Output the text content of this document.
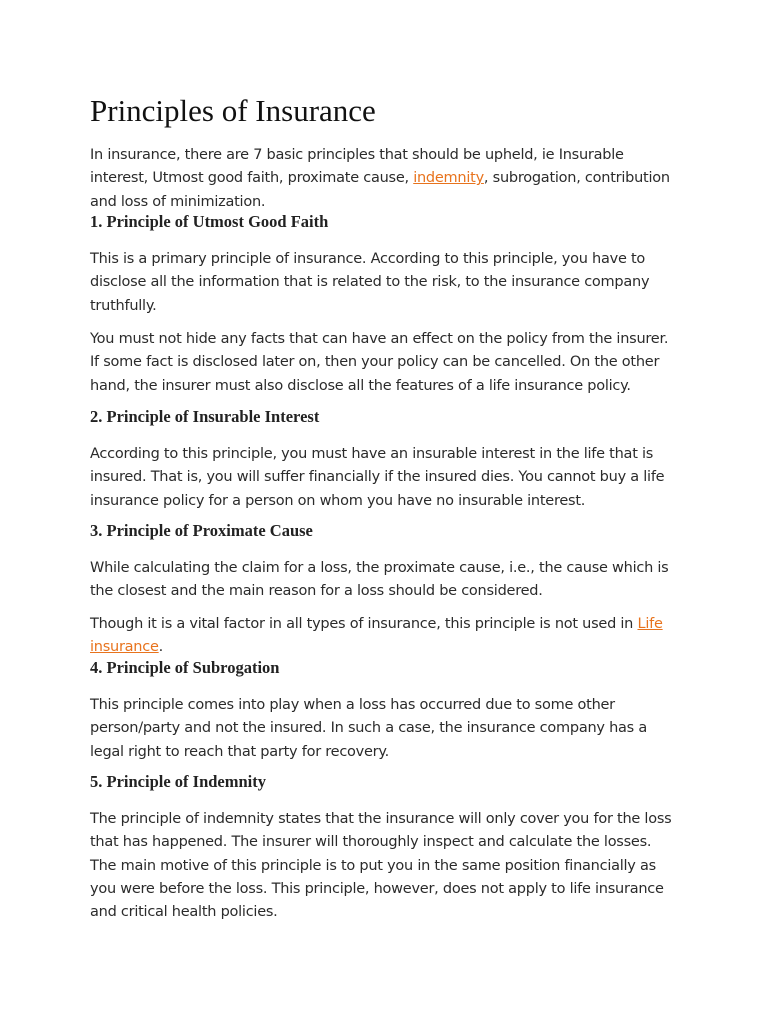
Principles of Insurance

In insurance, there are 7 basic principles that should be upheld, ie Insurable interest, Utmost good faith, proximate cause, indemnity, subrogation, contribution and loss of minimization.

1. Principle of Utmost Good Faith

This is a primary principle of insurance. According to this principle, you have to disclose all the information that is related to the risk, to the insurance company truthfully.

You must not hide any facts that can have an effect on the policy from the insurer. If some fact is disclosed later on, then your policy can be cancelled. On the other hand, the insurer must also disclose all the features of a life insurance policy.

2. Principle of Insurable Interest

According to this principle, you must have an insurable interest in the life that is insured. That is, you will suffer financially if the insured dies. You cannot buy a life insurance policy for a person on whom you have no insurable interest.

3. Principle of Proximate Cause

While calculating the claim for a loss, the proximate cause, i.e., the cause which is the closest and the main reason for a loss should be considered.

Though it is a vital factor in all types of insurance, this principle is not used in Life insurance.

4. Principle of Subrogation

This principle comes into play when a loss has occurred due to some other person/party and not the insured. In such a case, the insurance company has a legal right to reach that party for recovery.

5. Principle of Indemnity

The principle of indemnity states that the insurance will only cover you for the loss that has happened. The insurer will thoroughly inspect and calculate the losses. The main motive of this principle is to put you in the same position financially as you were before the loss. This principle, however, does not apply to life insurance and critical health policies.
